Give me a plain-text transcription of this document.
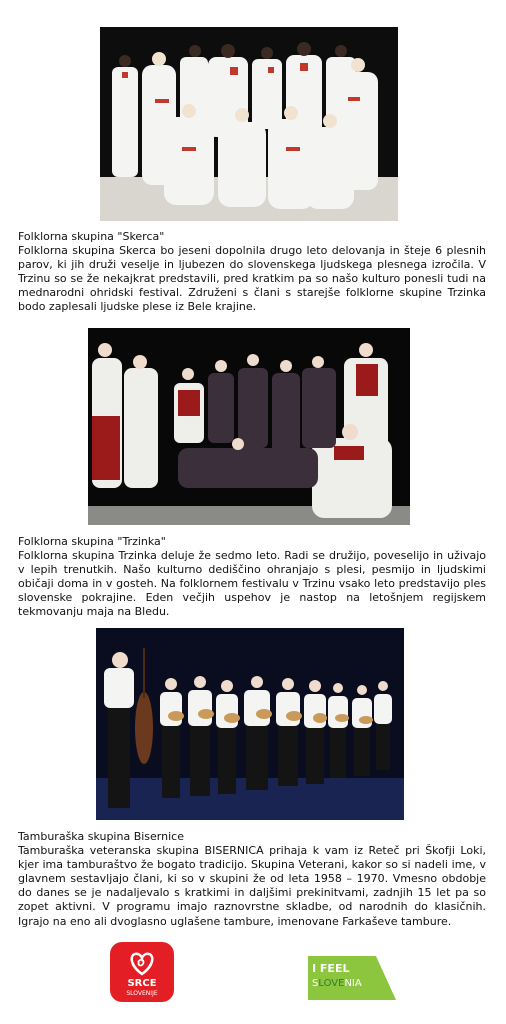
Folklorna skupina "Skerca"

Folklorna skupina Skerca bo jeseni dopolnila drugo leto delovanja in šteje 6 plesnih parov, ki jih druži veselje in ljubezen do slovenskega ljudskega plesnega izročila. V Trzinu so se že nekajkrat predstavili, pred kratkim pa so našo kulturo ponesli tudi na mednarodni ohridski festival. Združeni s člani s starejše folklorne skupine Trzinka bodo zaplesali ljudske plese iz Bele krajine.

Folklorna skupina "Trzinka"

Folklorna skupina Trzinka deluje že sedmo leto. Radi se družijo, poveselijo in uživajo v lepih trenutkih. Našo kulturno dediščino ohranjajo s plesi, pesmijo in ljudskimi običaji doma in v gosteh. Na folklornem festivalu v Trzinu vsako leto predstavijo ples slovenske pokrajine. Eden večjih uspehov je nastop na letošnjem regijskem tekmovanju maja na Bledu.

Tamburaška skupina Bisernice

Tamburaška veteranska skupina BISERNICA prihaja k vam iz Reteč pri Škofji Loki, kjer ima tamburaštvo že bogato tradicijo. Skupina Veterani, kakor so si nadeli ime, v glavnem sestavljajo člani, ki so v skupini že od leta 1958 – 1970. Vmesno obdobje do danes se je nadaljevalo s kratkimi in daljšimi prekinitvami, zadnjih 15 let pa so zopet aktivni. V programu imajo raznovrstne skladbe, od narodnih do klasičnih. Igrajo na eno ali dvoglasno uglašene tambure, imenovane Farkaševe tambure.

SRCE
SLOVENIJE
I FEEL
SLOVENIA
